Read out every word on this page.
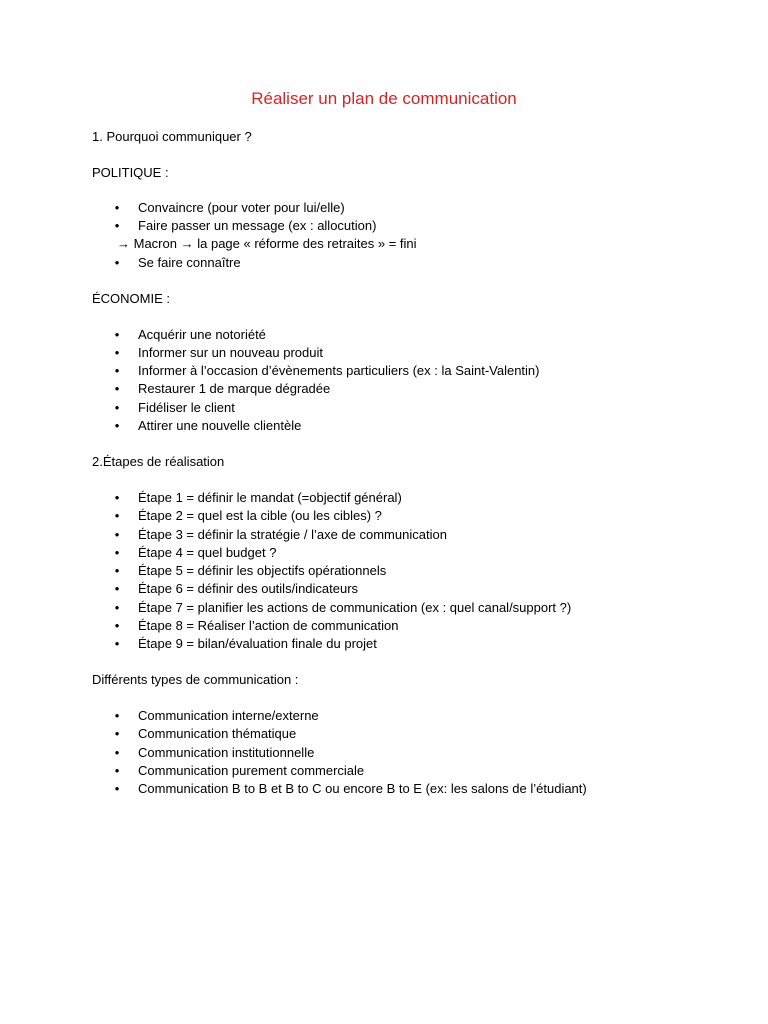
Réaliser un plan de communication
1. Pourquoi communiquer ?
POLITIQUE :
• Convaincre (pour voter pour lui/elle)
• Faire passer un message (ex : allocution)
→ Macron → la page « réforme des retraites » = fini
• Se faire connaître
ÉCONOMIE :
• Acquérir une notoriété
• Informer sur un nouveau produit
• Informer à l’occasion d’évènements particuliers (ex : la Saint-Valentin)
• Restaurer 1 de marque dégradée
• Fidéliser le client
• Attirer une nouvelle clientèle
2.Étapes de réalisation
• Étape 1 = définir le mandat (=objectif général)
• Étape 2 = quel est la cible (ou les cibles) ?
• Étape 3 = définir la stratégie / l’axe de communication
• Étape 4 = quel budget ?
• Étape 5 = définir les objectifs opérationnels
• Étape 6 = définir des outils/indicateurs
• Étape 7 = planifier les actions de communication (ex : quel canal/support ?)
• Étape 8 = Réaliser l’action de communication
• Étape 9 = bilan/évaluation finale du projet
Différents types de communication :
• Communication interne/externe
• Communication thématique
• Communication institutionnelle
• Communication purement commerciale
• Communication B to B et B to C ou encore B to E (ex: les salons de l’étudiant)
